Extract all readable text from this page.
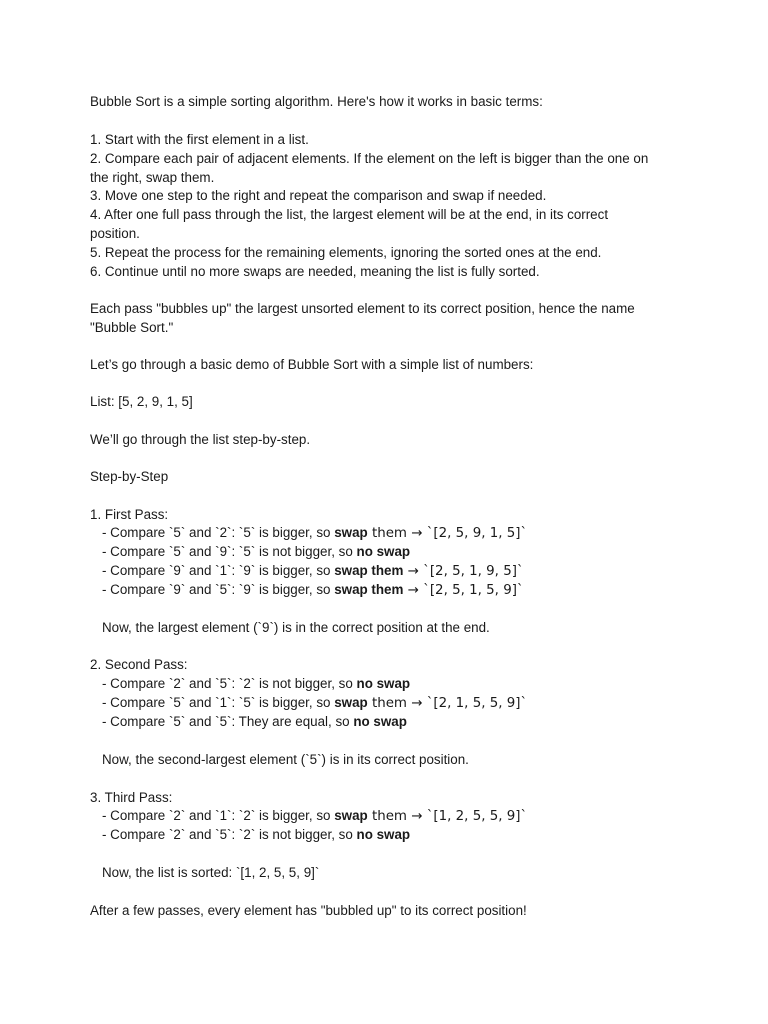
Bubble Sort is a simple sorting algorithm. Here's how it works in basic terms:
1. Start with the first element in a list.
2. Compare each pair of adjacent elements. If the element on the left is bigger than the one on
the right, swap them.
3. Move one step to the right and repeat the comparison and swap if needed.
4. After one full pass through the list, the largest element will be at the end, in its correct
position.
5. Repeat the process for the remaining elements, ignoring the sorted ones at the end.
6. Continue until no more swaps are needed, meaning the list is fully sorted.
Each pass "bubbles up" the largest unsorted element to its correct position, hence the name
"Bubble Sort."
Let’s go through a basic demo of Bubble Sort with a simple list of numbers:
List: [5, 2, 9, 1, 5]
We’ll go through the list step-by-step.
Step-by-Step
1. First Pass:
- Compare `5` and `2`: `5` is bigger, so swap them → `[2, 5, 9, 1, 5]`
- Compare `5` and `9`: `5` is not bigger, so no swap
- Compare `9` and `1`: `9` is bigger, so swap them → `[2, 5, 1, 9, 5]`
- Compare `9` and `5`: `9` is bigger, so swap them → `[2, 5, 1, 5, 9]`
Now, the largest element (`9`) is in the correct position at the end.
2. Second Pass:
- Compare `2` and `5`: `2` is not bigger, so no swap
- Compare `5` and `1`: `5` is bigger, so swap them → `[2, 1, 5, 5, 9]`
- Compare `5` and `5`: They are equal, so no swap
Now, the second-largest element (`5`) is in its correct position.
3. Third Pass:
- Compare `2` and `1`: `2` is bigger, so swap them → `[1, 2, 5, 5, 9]`
- Compare `2` and `5`: `2` is not bigger, so no swap
Now, the list is sorted: `[1, 2, 5, 5, 9]`
After a few passes, every element has "bubbled up" to its correct position!
